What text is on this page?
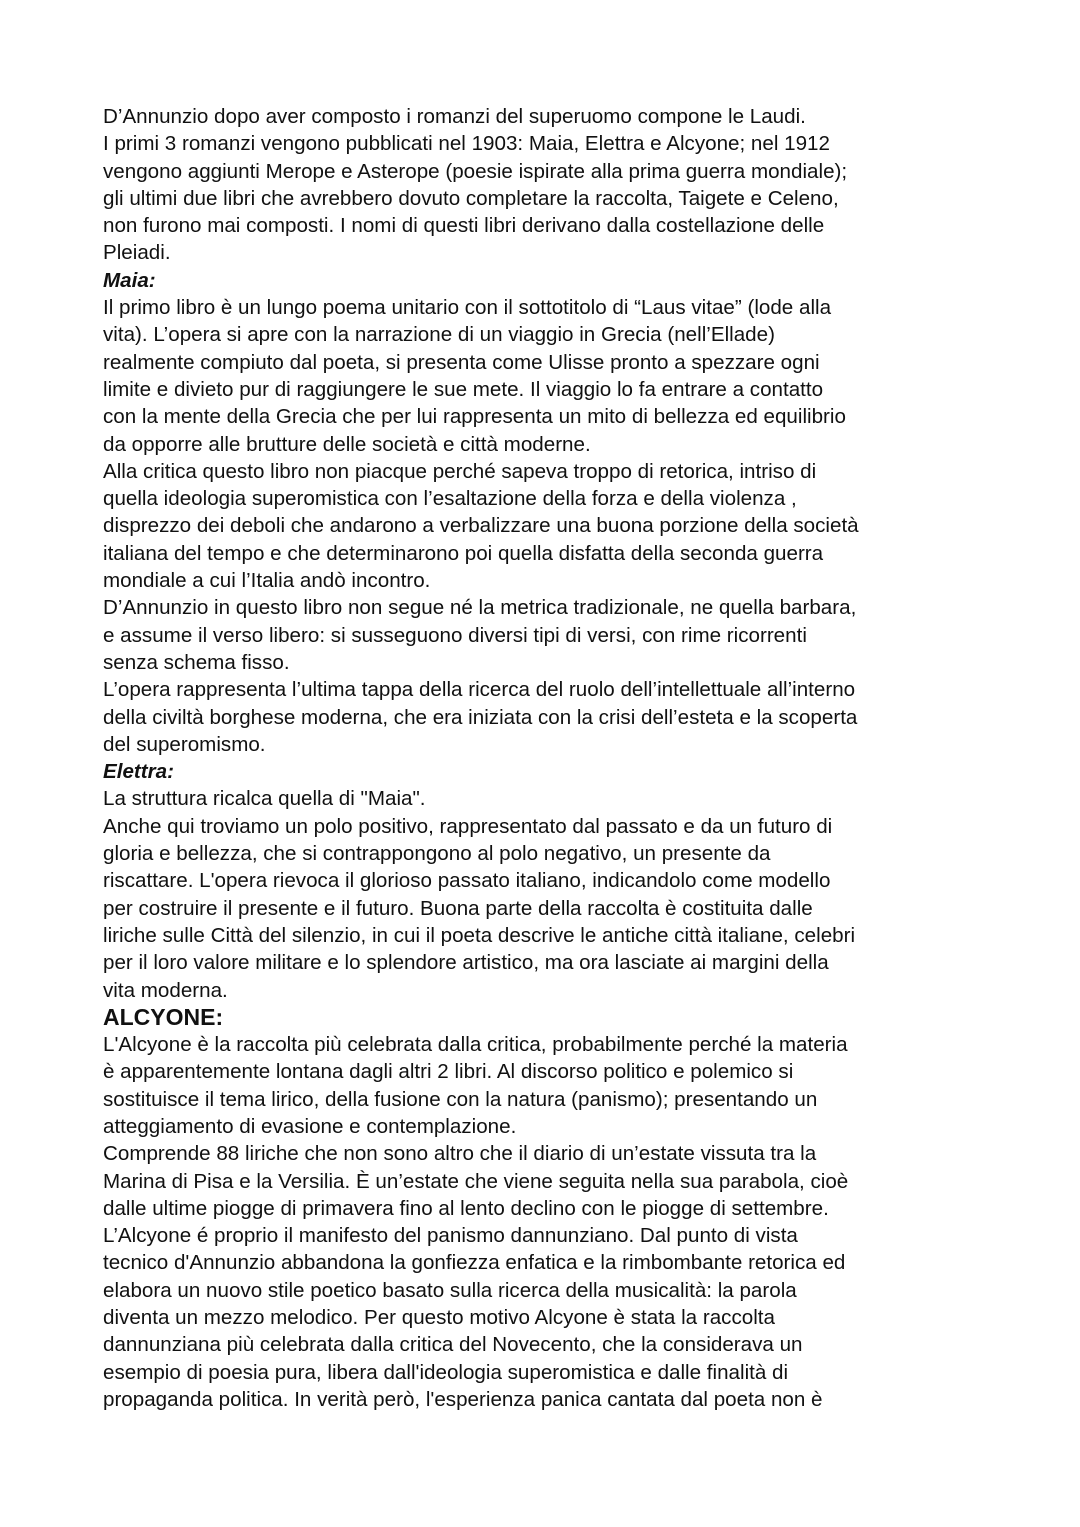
D’Annunzio dopo aver composto i romanzi del superuomo compone le Laudi.
I primi 3 romanzi vengono pubblicati nel 1903: Maia, Elettra e Alcyone; nel 1912
vengono aggiunti Merope e Asterope (poesie ispirate alla prima guerra mondiale);
gli ultimi due libri che avrebbero dovuto completare la raccolta, Taigete e Celeno,
non furono mai composti. I nomi di questi libri derivano dalla costellazione delle
Pleiadi.
Maia:
Il primo libro è un lungo poema unitario con il sottotitolo di “Laus vitae” (lode alla
vita). L’opera si apre con la narrazione di un viaggio in Grecia (nell’Ellade)
realmente compiuto dal poeta, si presenta come Ulisse pronto a spezzare ogni
limite e divieto pur di raggiungere le sue mete. Il viaggio lo fa entrare a contatto
con la mente della Grecia che per lui rappresenta un mito di bellezza ed equilibrio
da opporre alle brutture delle società e città moderne.
Alla critica questo libro non piacque perché sapeva troppo di retorica, intriso di
quella ideologia superomistica con l’esaltazione della forza e della violenza ,
disprezzo dei deboli che andarono a verbalizzare una buona porzione della società
italiana del tempo e che determinarono poi quella disfatta della seconda guerra
mondiale a cui l’Italia andò incontro.
D’Annunzio in questo libro non segue né la metrica tradizionale, ne quella barbara,
e assume il verso libero: si susseguono diversi tipi di versi, con rime ricorrenti
senza schema fisso.
L’opera rappresenta l’ultima tappa della ricerca del ruolo dell’intellettuale all’interno
della civiltà borghese moderna, che era iniziata con la crisi dell’esteta e la scoperta
del superomismo.
Elettra:
La struttura ricalca quella di "Maia".
Anche qui troviamo un polo positivo, rappresentato dal passato e da un futuro di
gloria e bellezza, che si contrappongono al polo negativo, un presente da
riscattare. L'opera rievoca il glorioso passato italiano, indicandolo come modello
per costruire il presente e il futuro. Buona parte della raccolta è costituita dalle
liriche sulle Città del silenzio, in cui il poeta descrive le antiche città italiane, celebri
per il loro valore militare e lo splendore artistico, ma ora lasciate ai margini della
vita moderna.
ALCYONE:
L'Alcyone è la raccolta più celebrata dalla critica, probabilmente perché la materia
è apparentemente lontana dagli altri 2 libri. Al discorso politico e polemico si
sostituisce il tema lirico, della fusione con la natura (panismo); presentando un
atteggiamento di evasione e contemplazione.
Comprende 88 liriche che non sono altro che il diario di un’estate vissuta tra la
Marina di Pisa e la Versilia. È un’estate che viene seguita nella sua parabola, cioè
dalle ultime piogge di primavera fino al lento declino con le piogge di settembre.
L’Alcyone é proprio il manifesto del panismo dannunziano. Dal punto di vista
tecnico d'Annunzio abbandona la gonfiezza enfatica e la rimbombante retorica ed
elabora un nuovo stile poetico basato sulla ricerca della musicalità: la parola
diventa un mezzo melodico. Per questo motivo Alcyone è stata la raccolta
dannunziana più celebrata dalla critica del Novecento, che la considerava un
esempio di poesia pura, libera dall'ideologia superomistica e dalle finalità di
propaganda politica. In verità però, l'esperienza panica cantata dal poeta non è
